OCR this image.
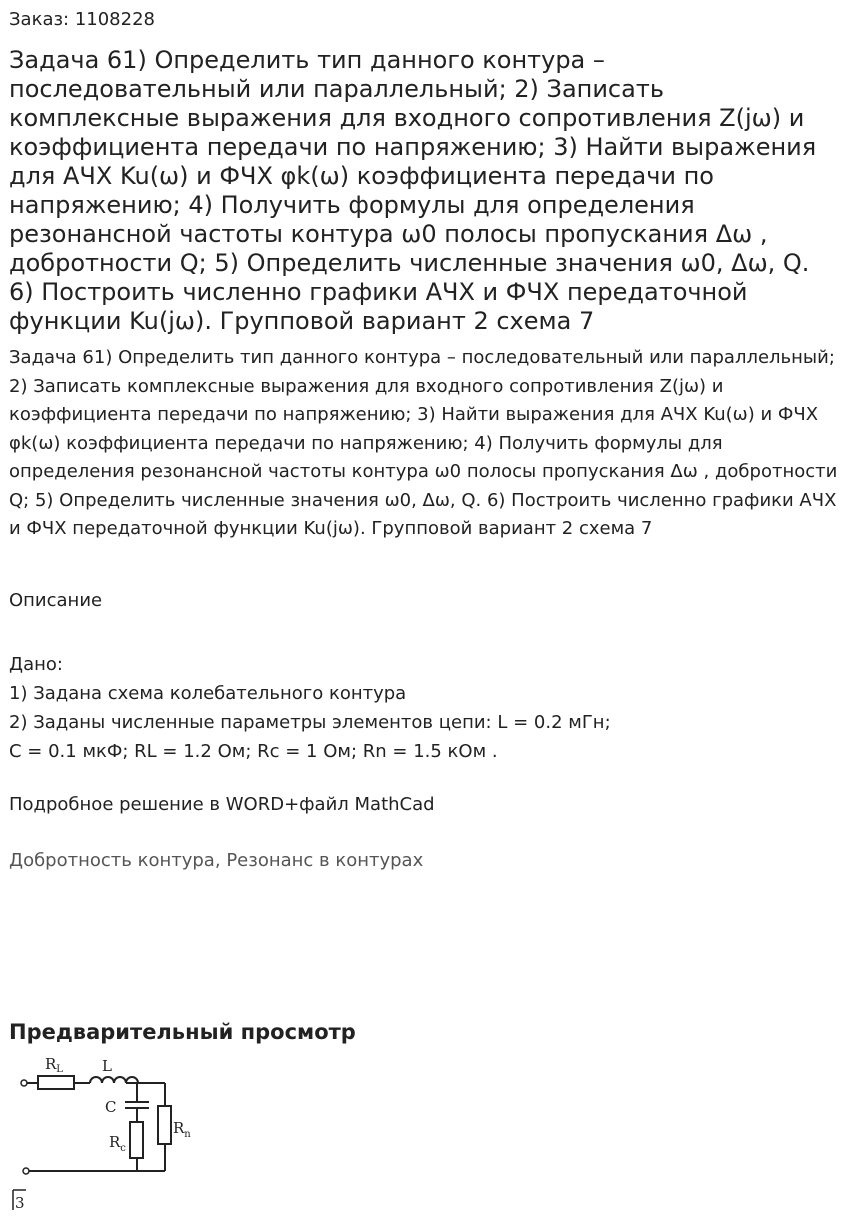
Заказ: 1108228
Задача 61) Определить тип данного контура – последовательный или параллельный; 2) Записать комплексные выражения для входного сопротивления Z(jω) и коэффициента передачи по напряжению; 3) Найти выражения для АЧХ Ku(ω) и ФЧХ φk(ω) коэффициента передачи по напряжению; 4) Получить формулы для определения резонансной частоты контура ω0 полосы пропускания Δω , добротности Q; 5) Определить численные значения ω0, Δω, Q. 6) Построить численно графики АЧХ и ФЧХ передаточной функции Ku(jω). Групповой вариант 2 схема 7

Задача 61) Определить тип данного контура – последовательный или параллельный; 2) Записать комплексные выражения для входного сопротивления Z(jω) и коэффициента передачи по напряжению; 3) Найти выражения для АЧХ Ku(ω) и ФЧХ φk(ω) коэффициента передачи по напряжению; 4) Получить формулы для определения резонансной частоты контура ω0 полосы пропускания Δω , добротности Q; 5) Определить численные значения ω0, Δω, Q. 6) Построить численно графики АЧХ и ФЧХ передаточной функции Ku(jω). Групповой вариант 2 схема 7

Описание
Дано:
1) Задана схема колебательного контура
2) Заданы численные параметры элементов цепи: L = 0.2 мГн;
C = 0.1 мкФ; RL = 1.2 Ом; Rc = 1 Ом; Rn = 1.5 кОм .
Подробное решение в WORD+файл MathCad
Добротность контура, Резонанс в контурах
Предварительный просмотр
$R_L$	L
C
$R_c$
$R_n$
3
